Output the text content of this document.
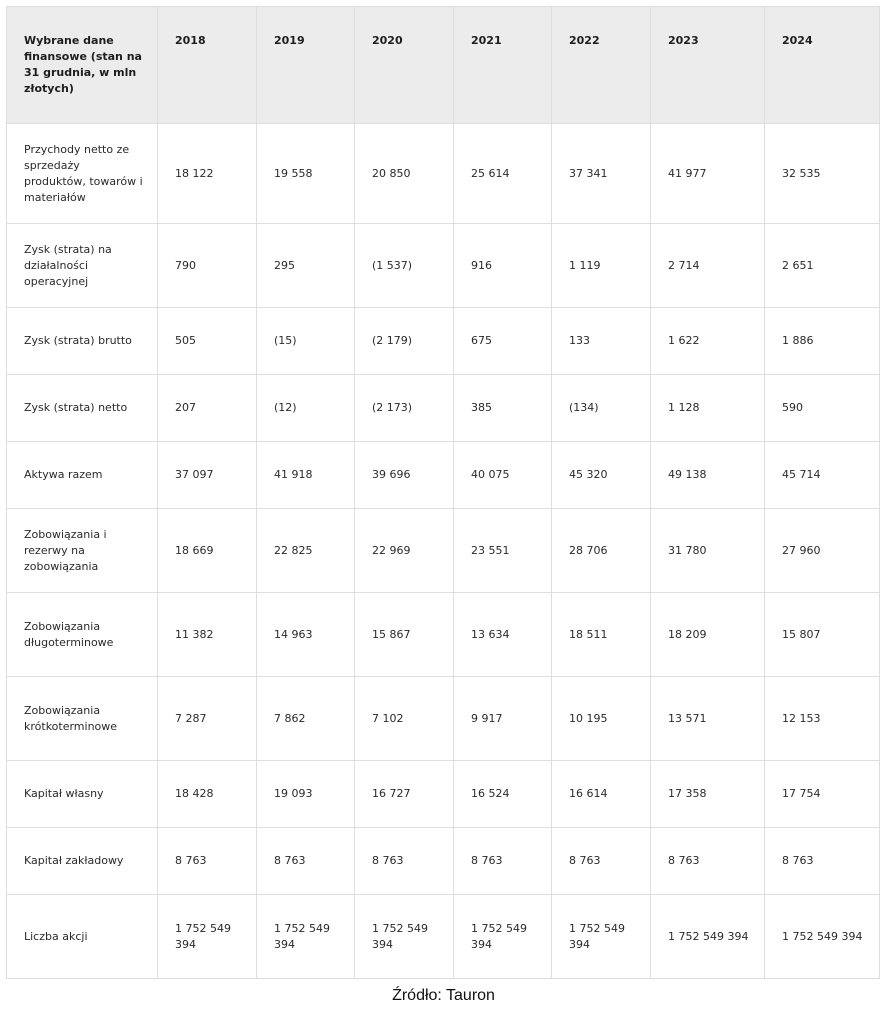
Wybrane dane finansowe (stan na 31 grudnia, w mln złotych)	2018	2019	2020	2021	2022	2023	2024
Przychody netto ze sprzedaży produktów, towarów i materiałów	18 122	19 558	20 850	25 614	37 341	41 977	32 535
Zysk (strata) na działalności operacyjnej	790	295	(1 537)	916	1 119	2 714	2 651
Zysk (strata) brutto	505	(15)	(2 179)	675	133	1 622	1 886
Zysk (strata) netto	207	(12)	(2 173)	385	(134)	1 128	590
Aktywa razem	37 097	41 918	39 696	40 075	45 320	49 138	45 714
Zobowiązania i rezerwy na zobowiązania	18 669	22 825	22 969	23 551	28 706	31 780	27 960
Zobowiązania długoterminowe	11 382	14 963	15 867	13 634	18 511	18 209	15 807
Zobowiązania krótkoterminowe	7 287	7 862	7 102	9 917	10 195	13 571	12 153
Kapitał własny	18 428	19 093	16 727	16 524	16 614	17 358	17 754
Kapitał zakładowy	8 763	8 763	8 763	8 763	8 763	8 763	8 763
Liczba akcji	1 752 549 394	1 752 549 394	1 752 549 394	1 752 549 394	1 752 549 394	1 752 549 394	1 752 549 394
Źródło: Tauron
